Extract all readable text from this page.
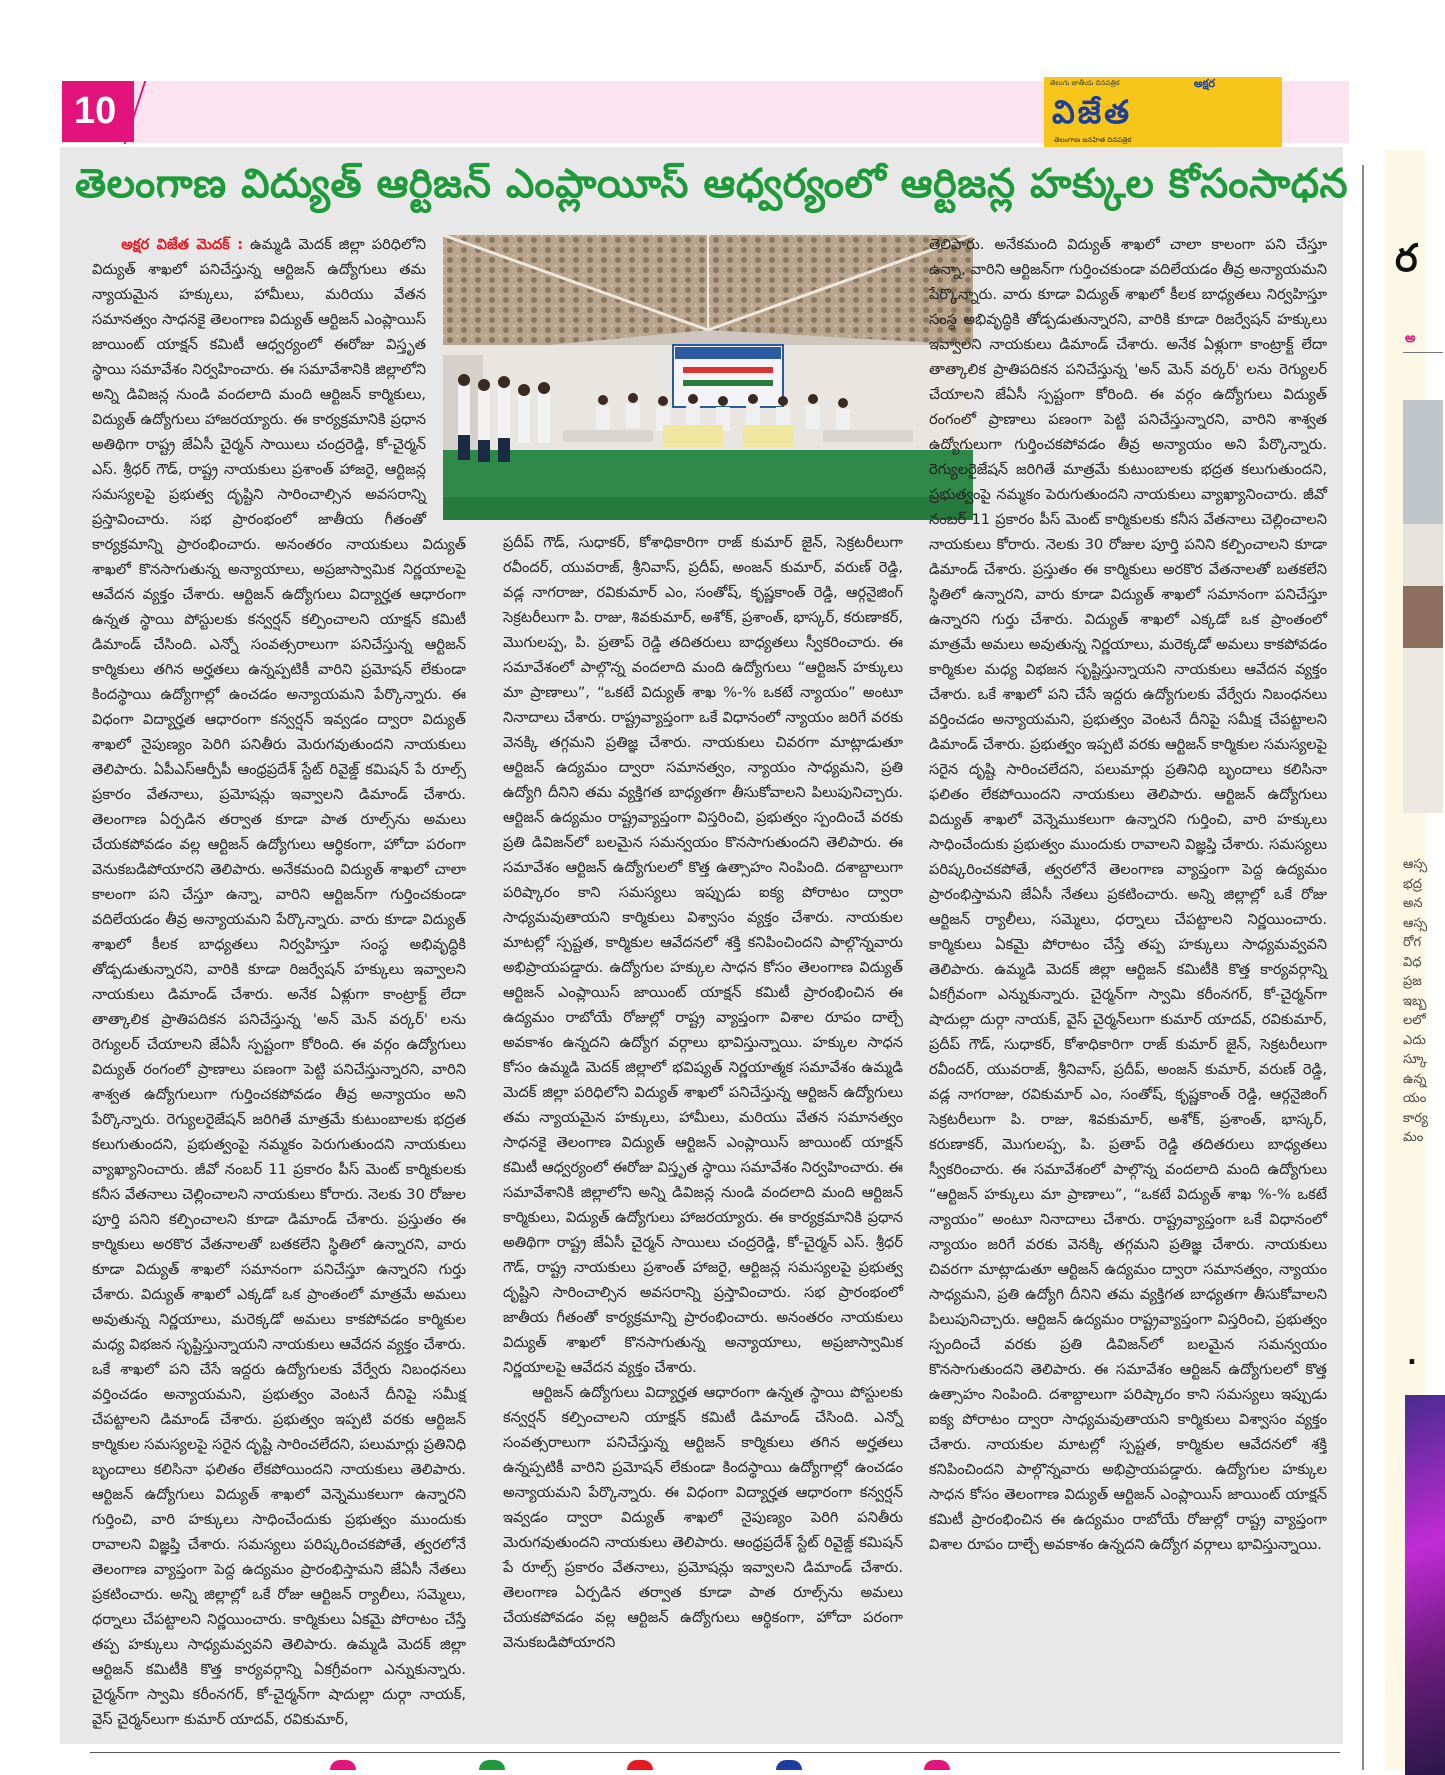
10
తెలుగు జాతీయ దినపత్రిక	అక్షర
విజేత
తెలంగాణ జనహిత దినపత్రిక
తెలంగాణ విద్యుత్ ఆర్టిజన్ ఎంప్లాయీస్ ఆధ్వర్యంలో ఆర్టిజన్ల హక్కుల కోసంసాధన

అక్షర విజేత మెదక్ : ఉమ్మడి మెదక్ జిల్లా పరిధిలోని విద్యుత్ శాఖలో పనిచేస్తున్న ఆర్టిజన్ ఉద్యోగులు తమ న్యాయమైన హక్కులు, హామీలు, మరియు వేతన సమానత్వం సాధనకై తెలంగాణ విద్యుత్ ఆర్టిజన్ ఎంప్లాయిస్ జాయింట్ యాక్షన్ కమిటీ ఆధ్వర్యంలో ఈరోజు విస్తృత స్థాయి సమావేశం నిర్వహించారు. ఈ సమావేశానికి జిల్లాలోని అన్ని డివిజన్ల నుండి వందలాది మంది ఆర్టిజన్ కార్మికులు, విద్యుత్ ఉద్యోగులు హాజరయ్యారు. ఈ కార్యక్రమానికి ప్రధాన అతిథిగా రాష్ట్ర జేఏసీ చైర్మన్ సాయిలు చంద్రరెడ్డి, కో-చైర్మన్ ఎస్. శ్రీధర్ గౌడ్, రాష్ట్ర నాయకులు ప్రశాంత్ హాజరై, ఆర్టిజన్ల సమస్యలపై ప్రభుత్వ దృష్టిని సారించాల్సిన అవసరాన్ని ప్రస్తావించారు. సభ ప్రారంభంలో జాతీయ గీతంతో కార్యక్రమాన్ని ప్రారంభించారు. అనంతరం నాయకులు విద్యుత్ శాఖలో కొనసాగుతున్న అన్యాయాలు, అప్రజాస్వామిక నిర్ణయాలపై ఆవేదన వ్యక్తం చేశారు. ఆర్టిజన్ ఉద్యోగులు విద్యార్హత ఆధారంగా ఉన్నత స్థాయి పోస్టులకు కన్వర్షన్ కల్పించాలని యాక్షన్ కమిటీ డిమాండ్ చేసింది. ఎన్నో సంవత్సరాలుగా పనిచేస్తున్న ఆర్టిజన్ కార్మికులు తగిన అర్హతలు ఉన్నప్పటికీ వారిని ప్రమోషన్ లేకుండా కిందస్థాయి ఉద్యోగాల్లో ఉంచడం అన్యాయమని పేర్కొన్నారు. ఈ విధంగా విద్యార్హత ఆధారంగా కన్వర్షన్ ఇవ్వడం ద్వారా విద్యుత్ శాఖలో నైపుణ్యం పెరిగి పనితీరు మెరుగవుతుందని నాయకులు తెలిపారు. ఏపీఎస్ఆర్పీపీ ఆంధ్రప్రదేశ్ స్టేట్ రివైజ్డ్ కమిషన్ పే రూల్స్ ప్రకారం వేతనాలు, ప్రమోషన్లు ఇవ్వాలని డిమాండ్ చేశారు. తెలంగాణ ఏర్పడిన తర్వాత కూడా పాత రూల్స్‌ను అమలు చేయకపోవడం వల్ల ఆర్టిజన్ ఉద్యోగులు ఆర్థికంగా, హోదా పరంగా వెనుకబడిపోయారని తెలిపారు. అనేకమంది విద్యుత్ శాఖలో చాలా కాలంగా పని చేస్తూ ఉన్నా, వారిని ఆర్టిజన్‌గా గుర్తించకుండా వదిలేయడం తీవ్ర అన్యాయమని పేర్కొన్నారు. వారు కూడా విద్యుత్ శాఖలో కీలక బాధ్యతలు నిర్వహిస్తూ సంస్థ అభివృద్ధికి తోడ్పడుతున్నారని, వారికి కూడా రిజర్వేషన్ హక్కులు ఇవ్వాలని నాయకులు డిమాండ్ చేశారు. అనేక ఏళ్లుగా కాంట్రాక్ట్ లేదా తాత్కాలిక ప్రాతిపదికన పనిచేస్తున్న 'అన్ మెన్ వర్కర్' లను రెగ్యులర్ చేయాలని జేఏసీ స్పష్టంగా కోరింది. ఈ వర్గం ఉద్యోగులు విద్యుత్ రంగంలో ప్రాణాలు పణంగా పెట్టి పనిచేస్తున్నారని, వారిని శాశ్వత ఉద్యోగులుగా గుర్తించకపోవడం తీవ్ర అన్యాయం అని పేర్కొన్నారు. రెగ్యులరైజేషన్ జరిగితే మాత్రమే కుటుంబాలకు భద్రత కలుగుతుందని, ప్రభుత్వంపై నమ్మకం పెరుగుతుందని నాయకులు వ్యాఖ్యానించారు. జీవో నంబర్ 11 ప్రకారం పీస్ మెంట్ కార్మికులకు కనీస వేతనాలు చెల్లించాలని నాయకులు కోరారు. నెలకు 30 రోజుల పూర్తి పనిని కల్పించాలని కూడా డిమాండ్ చేశారు. ప్రస్తుతం ఈ కార్మికులు అరకొర వేతనాలతో బతకలేని స్థితిలో ఉన్నారని, వారు కూడా విద్యుత్ శాఖలో సమానంగా పనిచేస్తూ ఉన్నారని గుర్తు చేశారు. విద్యుత్ శాఖలో ఎక్కడో ఒక ప్రాంతంలో మాత్రమే అమలు అవుతున్న నిర్ణయాలు, మరెక్కడో అమలు కాకపోవడం కార్మికుల మధ్య విభజన సృష్టిస్తున్నాయని నాయకులు ఆవేదన వ్యక్తం చేశారు. ఒకే శాఖలో పని చేసే ఇద్దరు ఉద్యోగులకు వేర్వేరు నిబంధనలు వర్తించడం అన్యాయమని, ప్రభుత్వం వెంటనే దీనిపై సమీక్ష చేపట్టాలని డిమాండ్ చేశారు. ప్రభుత్వం ఇప్పటి వరకు ఆర్టిజన్ కార్మికుల సమస్యలపై సరైన దృష్టి సారించలేదని, పలుమార్లు ప్రతినిధి బృందాలు కలిసినా ఫలితం లేకపోయిందని నాయకులు తెలిపారు. ఆర్టిజన్ ఉద్యోగులు విద్యుత్ శాఖలో వెన్నెముకలుగా ఉన్నారని గుర్తించి, వారి హక్కులు సాధించేందుకు ప్రభుత్వం ముందుకు రావాలని విజ్ఞప్తి చేశారు. సమస్యలు పరిష్కరించకపోతే, త్వరలోనే తెలంగాణ వ్యాప్తంగా పెద్ద ఉద్యమం ప్రారంభిస్తామని జేఏసీ నేతలు ప్రకటించారు. అన్ని జిల్లాల్లో ఒకే రోజు ఆర్టిజన్ ర్యాలీలు, సమ్మెలు, ధర్నాలు చేపట్టాలని నిర్ణయించారు. కార్మికులు ఏకమై పోరాటం చేస్తే తప్ప హక్కులు సాధ్యమవ్వవని తెలిపారు. ఉమ్మడి మెదక్ జిల్లా ఆర్టిజన్ కమిటీకి కొత్త కార్యవర్గాన్ని ఏకగ్రీవంగా ఎన్నుకున్నారు. చైర్మన్‌గా స్వామి కరీంనగర్, కో-చైర్మన్‌గా షాదుల్లా దుర్గా నాయక్, వైస్ చైర్మన్‌లుగా కుమార్ యాదవ్, రవికుమార్,

ప్రదీప్ గౌడ్, సుధాకర్, కోశాధికారిగా రాజ్ కుమార్ జైన్, సెక్రటరీలుగా రవీందర్, యువరాజ్, శ్రీనివాస్, ప్రదీప్, అంజన్ కుమార్, వరుణ్ రెడ్డి, వడ్ల నాగరాజు, రవికుమార్ ఎం, సంతోష్, కృష్ణకాంత్ రెడ్డి, ఆర్గనైజింగ్ సెక్రటరీలుగా పి. రాజు, శివకుమార్, అశోక్, ప్రశాంత్, భాస్కర్, కరుణాకర్, మొగులప్ప, పి. ప్రతాప్ రెడ్డి తదితరులు బాధ్యతలు స్వీకరించారు. ఈ సమావేశంలో పాల్గొన్న వందలాది మంది ఉద్యోగులు “ఆర్టిజన్ హక్కులు మా ప్రాణాలు”, “ఒకటే విద్యుత్ శాఖ %-% ఒకటే న్యాయం” అంటూ నినాదాలు చేశారు. రాష్ట్రవ్యాప్తంగా ఒకే విధానంలో న్యాయం జరిగే వరకు వెనక్కి తగ్గమని ప్రతిజ్ఞ చేశారు. నాయకులు చివరగా మాట్లాడుతూ ఆర్టిజన్ ఉద్యమం ద్వారా సమానత్వం, న్యాయం సాధ్యమని, ప్రతి ఉద్యోగి దీనిని తమ వ్యక్తిగత బాధ్యతగా తీసుకోవాలని పిలుపునిచ్చారు. ఆర్టిజన్ ఉద్యమం రాష్ట్రవ్యాప్తంగా విస్తరించి, ప్రభుత్వం స్పందించే వరకు ప్రతి డివిజన్‌లో బలమైన సమన్వయం కొనసాగుతుందని తెలిపారు. ఈ సమావేశం ఆర్టిజన్ ఉద్యోగులలో కొత్త ఉత్సాహం నింపింది. దశాబ్దాలుగా పరిష్కారం కాని సమస్యలు ఇప్పుడు ఐక్య పోరాటం ద్వారా సాధ్యమవుతాయని కార్మికులు విశ్వాసం వ్యక్తం చేశారు. నాయకుల మాటల్లో స్పష్టత, కార్మికుల ఆవేదనలో శక్తి కనిపించిందని పాల్గొన్నవారు అభిప్రాయపడ్డారు. ఉద్యోగుల హక్కుల సాధన కోసం తెలంగాణ విద్యుత్ ఆర్టిజన్ ఎంప్లాయిస్ జాయింట్ యాక్షన్ కమిటీ ప్రారంభించిన ఈ ఉద్యమం రాబోయే రోజుల్లో రాష్ట్ర వ్యాప్తంగా విశాల రూపం దాల్చే అవకాశం ఉన్నదని ఉద్యోగ వర్గాలు భావిస్తున్నాయి. హక్కుల సాధన కోసం ఉమ్మడి మెదక్ జిల్లాలో భవిష్యత్ నిర్ణయాత్మక సమావేశం ఉమ్మడి మెదక్ జిల్లా పరిధిలోని విద్యుత్ శాఖలో పనిచేస్తున్న ఆర్టిజన్ ఉద్యోగులు తమ న్యాయమైన హక్కులు, హామీలు, మరియు వేతన సమానత్వం సాధనకై తెలంగాణ విద్యుత్ ఆర్టిజన్ ఎంప్లాయిస్ జాయింట్ యాక్షన్ కమిటీ ఆధ్వర్యంలో ఈరోజు విస్తృత స్థాయి సమావేశం నిర్వహించారు. ఈ సమావేశానికి జిల్లాలోని అన్ని డివిజన్ల నుండి వందలాది మంది ఆర్టిజన్ కార్మికులు, విద్యుత్ ఉద్యోగులు హాజరయ్యారు. ఈ కార్యక్రమానికి ప్రధాన అతిథిగా రాష్ట్ర జేఏసీ చైర్మన్ సాయిలు చంద్రరెడ్డి, కో-చైర్మన్ ఎస్. శ్రీధర్ గౌడ్, రాష్ట్ర నాయకులు ప్రశాంత్ హాజరై, ఆర్టిజన్ల సమస్యలపై ప్రభుత్వ దృష్టిని సారించాల్సిన అవసరాన్ని ప్రస్తావించారు. సభ ప్రారంభంలో జాతీయ గీతంతో కార్యక్రమాన్ని ప్రారంభించారు. అనంతరం నాయకులు విద్యుత్ శాఖలో కొనసాగుతున్న అన్యాయాలు, అప్రజాస్వామిక నిర్ణయాలపై ఆవేదన వ్యక్తం చేశారు.

ఆర్టిజన్ ఉద్యోగులు విద్యార్హత ఆధారంగా ఉన్నత స్థాయి పోస్టులకు కన్వర్షన్ కల్పించాలని యాక్షన్ కమిటీ డిమాండ్ చేసింది. ఎన్నో సంవత్సరాలుగా పనిచేస్తున్న ఆర్టిజన్ కార్మికులు తగిన అర్హతలు ఉన్నప్పటికీ వారిని ప్రమోషన్ లేకుండా కిందస్థాయి ఉద్యోగాల్లో ఉంచడం అన్యాయమని పేర్కొన్నారు. ఈ విధంగా విద్యార్హత ఆధారంగా కన్వర్షన్ ఇవ్వడం ద్వారా విద్యుత్ శాఖలో నైపుణ్యం పెరిగి పనితీరు మెరుగవుతుందని నాయకులు తెలిపారు. ఆంధ్రప్రదేశ్ స్టేట్ రివైజ్డ్ కమిషన్ పే రూల్స్ ప్రకారం వేతనాలు, ప్రమోషన్లు ఇవ్వాలని డిమాండ్ చేశారు. తెలంగాణ ఏర్పడిన తర్వాత కూడా పాత రూల్స్‌ను అమలు చేయకపోవడం వల్ల ఆర్టిజన్ ఉద్యోగులు ఆర్థికంగా, హోదా పరంగా వెనుకబడిపోయారని

తెలిపారు. అనేకమంది విద్యుత్ శాఖలో చాలా కాలంగా పని చేస్తూ ఉన్నా, వారిని ఆర్టిజన్‌గా గుర్తించకుండా వదిలేయడం తీవ్ర అన్యాయమని పేర్కొన్నారు. వారు కూడా విద్యుత్ శాఖలో కీలక బాధ్యతలు నిర్వహిస్తూ సంస్థ అభివృద్ధికి తోడ్పడుతున్నారని, వారికి కూడా రిజర్వేషన్ హక్కులు ఇవ్వాలని నాయకులు డిమాండ్ చేశారు. అనేక ఏళ్లుగా కాంట్రాక్ట్ లేదా తాత్కాలిక ప్రాతిపదికన పనిచేస్తున్న 'అన్ మెన్ వర్కర్' లను రెగ్యులర్ చేయాలని జేఏసీ స్పష్టంగా కోరింది. ఈ వర్గం ఉద్యోగులు విద్యుత్ రంగంలో ప్రాణాలు పణంగా పెట్టి పనిచేస్తున్నారని, వారిని శాశ్వత ఉద్యోగులుగా గుర్తించకపోవడం తీవ్ర అన్యాయం అని పేర్కొన్నారు. రెగ్యులరైజేషన్ జరిగితే మాత్రమే కుటుంబాలకు భద్రత కలుగుతుందని, ప్రభుత్వంపై నమ్మకం పెరుగుతుందని నాయకులు వ్యాఖ్యానించారు. జీవో నంబర్ 11 ప్రకారం పీస్ మెంట్ కార్మికులకు కనీస వేతనాలు చెల్లించాలని నాయకులు కోరారు. నెలకు 30 రోజుల పూర్తి పనిని కల్పించాలని కూడా డిమాండ్ చేశారు. ప్రస్తుతం ఈ కార్మికులు అరకొర వేతనాలతో బతకలేని స్థితిలో ఉన్నారని, వారు కూడా విద్యుత్ శాఖలో సమానంగా పనిచేస్తూ ఉన్నారని గుర్తు చేశారు. విద్యుత్ శాఖలో ఎక్కడో ఒక ప్రాంతంలో మాత్రమే అమలు అవుతున్న నిర్ణయాలు, మరెక్కడో అమలు కాకపోవడం కార్మికుల మధ్య విభజన సృష్టిస్తున్నాయని నాయకులు ఆవేదన వ్యక్తం చేశారు. ఒకే శాఖలో పని చేసే ఇద్దరు ఉద్యోగులకు వేర్వేరు నిబంధనలు వర్తించడం అన్యాయమని, ప్రభుత్వం వెంటనే దీనిపై సమీక్ష చేపట్టాలని డిమాండ్ చేశారు. ప్రభుత్వం ఇప్పటి వరకు ఆర్టిజన్ కార్మికుల సమస్యలపై సరైన దృష్టి సారించలేదని, పలుమార్లు ప్రతినిధి బృందాలు కలిసినా ఫలితం లేకపోయిందని నాయకులు తెలిపారు. ఆర్టిజన్ ఉద్యోగులు విద్యుత్ శాఖలో వెన్నెముకలుగా ఉన్నారని గుర్తించి, వారి హక్కులు సాధించేందుకు ప్రభుత్వం ముందుకు రావాలని విజ్ఞప్తి చేశారు. సమస్యలు పరిష్కరించకపోతే, త్వరలోనే తెలంగాణ వ్యాప్తంగా పెద్ద ఉద్యమం ప్రారంభిస్తామని జేఏసీ నేతలు ప్రకటించారు. అన్ని జిల్లాల్లో ఒకే రోజు ఆర్టిజన్ ర్యాలీలు, సమ్మెలు, ధర్నాలు చేపట్టాలని నిర్ణయించారు. కార్మికులు ఏకమై పోరాటం చేస్తే తప్ప హక్కులు సాధ్యమవ్వవని తెలిపారు. ఉమ్మడి మెదక్ జిల్లా ఆర్టిజన్ కమిటీకి కొత్త కార్యవర్గాన్ని ఏకగ్రీవంగా ఎన్నుకున్నారు. చైర్మన్‌గా స్వామి కరీంనగర్, కో-చైర్మన్‌గా షాదుల్లా దుర్గా నాయక్, వైస్ చైర్మన్‌లుగా కుమార్ యాదవ్, రవికుమార్, ప్రదీప్ గౌడ్, సుధాకర్, కోశాధికారిగా రాజ్ కుమార్ జైన్, సెక్రటరీలుగా రవీందర్, యువరాజ్, శ్రీనివాస్, ప్రదీప్, అంజన్ కుమార్, వరుణ్ రెడ్డి, వడ్ల నాగరాజు, రవికుమార్ ఎం, సంతోష్, కృష్ణకాంత్ రెడ్డి, ఆర్గనైజింగ్ సెక్రటరీలుగా పి. రాజు, శివకుమార్, అశోక్, ప్రశాంత్, భాస్కర్, కరుణాకర్, మొగులప్ప, పి. ప్రతాప్ రెడ్డి తదితరులు బాధ్యతలు స్వీకరించారు. ఈ సమావేశంలో పాల్గొన్న వందలాది మంది ఉద్యోగులు “ఆర్టిజన్ హక్కులు మా ప్రాణాలు”, “ఒకటే విద్యుత్ శాఖ %-% ఒకటే న్యాయం” అంటూ నినాదాలు చేశారు. రాష్ట్రవ్యాప్తంగా ఒకే విధానంలో న్యాయం జరిగే వరకు వెనక్కి తగ్గమని ప్రతిజ్ఞ చేశారు. నాయకులు చివరగా మాట్లాడుతూ ఆర్టిజన్ ఉద్యమం ద్వారా సమానత్వం, న్యాయం సాధ్యమని, ప్రతి ఉద్యోగి దీనిని తమ వ్యక్తిగత బాధ్యతగా తీసుకోవాలని పిలుపునిచ్చారు. ఆర్టిజన్ ఉద్యమం రాష్ట్రవ్యాప్తంగా విస్తరించి, ప్రభుత్వం స్పందించే వరకు ప్రతి డివిజన్‌లో బలమైన సమన్వయం కొనసాగుతుందని తెలిపారు. ఈ సమావేశం ఆర్టిజన్ ఉద్యోగులలో కొత్త ఉత్సాహం నింపింది. దశాబ్దాలుగా పరిష్కారం కాని సమస్యలు ఇప్పుడు ఐక్య పోరాటం ద్వారా సాధ్యమవుతాయని కార్మికులు విశ్వాసం వ్యక్తం చేశారు. నాయకుల మాటల్లో స్పష్టత, కార్మికుల ఆవేదనలో శక్తి కనిపించిందని పాల్గొన్నవారు అభిప్రాయపడ్డారు. ఉద్యోగుల హక్కుల సాధన కోసం తెలంగాణ విద్యుత్ ఆర్టిజన్ ఎంప్లాయిస్ జాయింట్ యాక్షన్ కమిటీ ప్రారంభించిన ఈ ఉద్యమం రాబోయే రోజుల్లో రాష్ట్ర వ్యాప్తంగా విశాల రూపం దాల్చే అవకాశం ఉన్నదని ఉద్యోగ వర్గాలు భావిస్తున్నాయి.

ర
అ
ఆస్స
భద్ర
అన
ఆస్స
రోగ
విధ
ప్రజ
ఇబ్బ
లలో
ఎదు
స్కూ
ఉన్న
యం
కార్య
మం
.
